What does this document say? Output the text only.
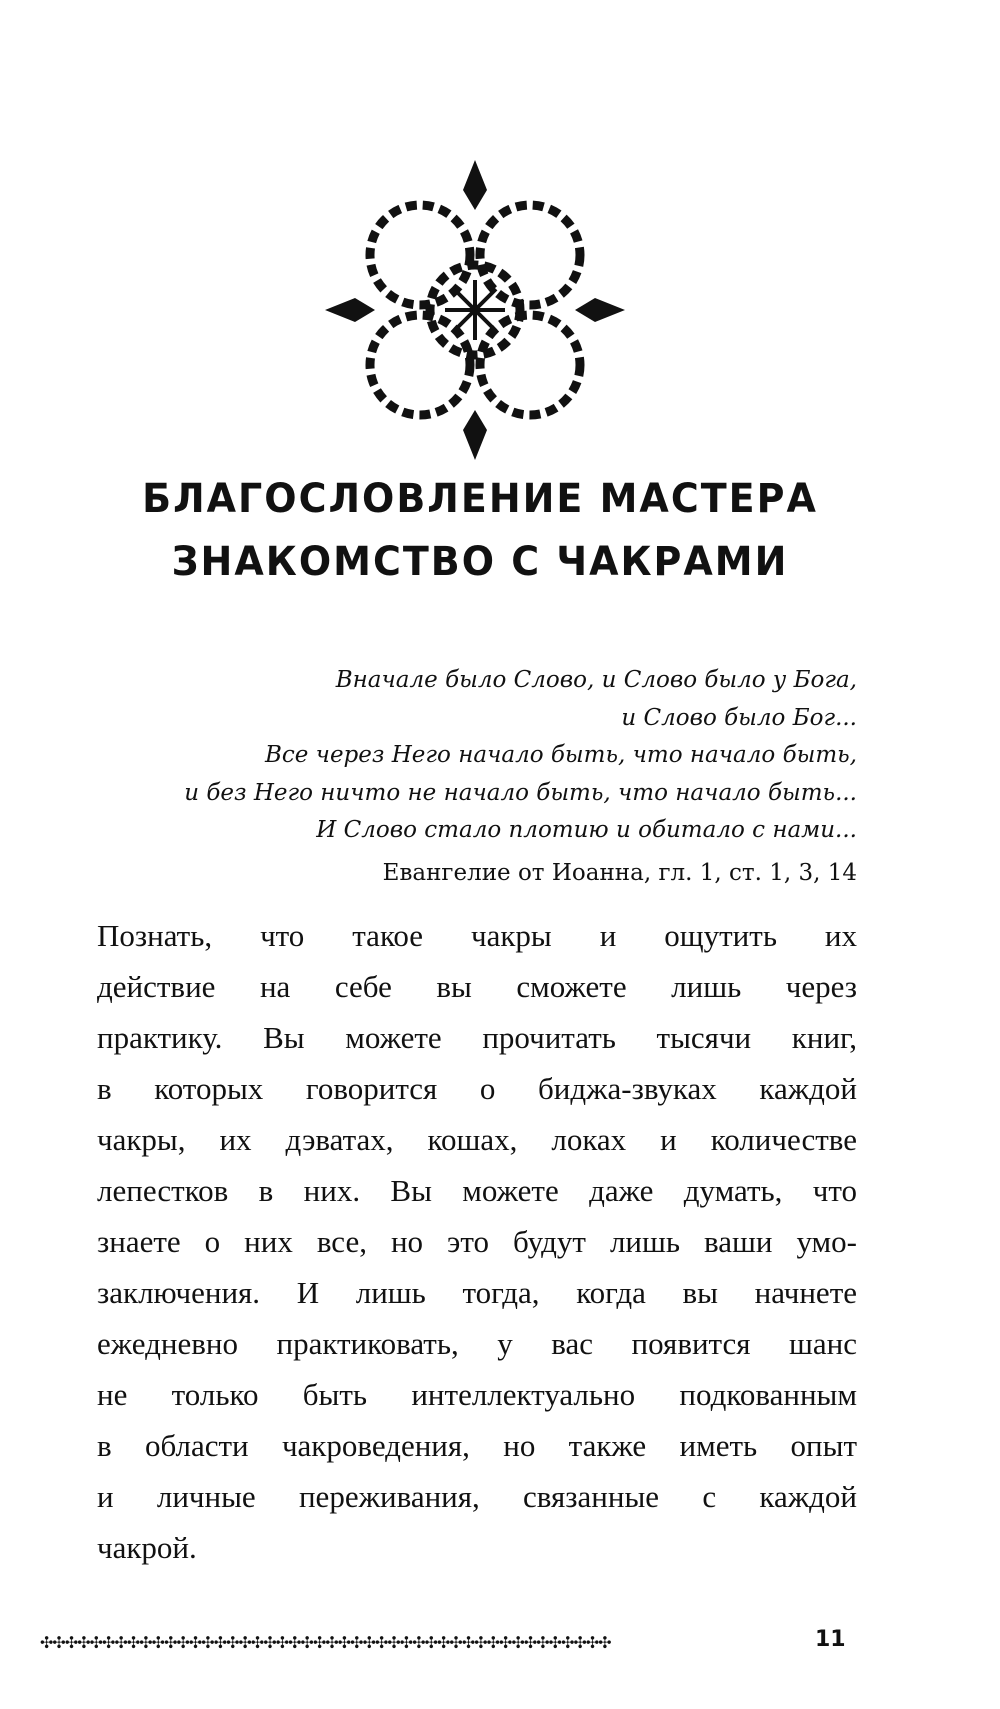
БЛАГОСЛОВЛЕНИЕ МАСТЕРА
ЗНАКОМСТВО С ЧАКРАМИ
Вначале было Слово, и Слово было у Бога,
и Слово было Бог...
Все через Него начало быть, что начало быть,
и без Него ничто не начало быть, что начало быть...
И Слово стало плотию и обитало с нами...
Евангелие от Иоанна, гл. 1, ст. 1, 3, 14
Познать, что такое чакры и ощутить их
действие на себе вы сможете лишь через
практику. Вы можете прочитать тысячи книг,
в которых говорится о биджа-звуках каждой
чакры, их дэватах, кошах, локах и количестве
лепестков в них. Вы можете даже думать, что
знаете о них все, но это будут лишь ваши умо-
заключения. И лишь тогда, когда вы начнете
ежедневно практиковать, у вас появится шанс
не только быть интеллектуально подкованным
в области чакроведения, но также иметь опыт
и личные переживания, связанные с каждой
чакрой.
✣✣✣✣✣✣✣✣✣✣✣✣✣✣✣✣✣✣✣✣✣✣✣✣✣✣✣✣✣✣✣✣✣✣✣✣✣✣✣✣✣✣✣✣✣✣	11
